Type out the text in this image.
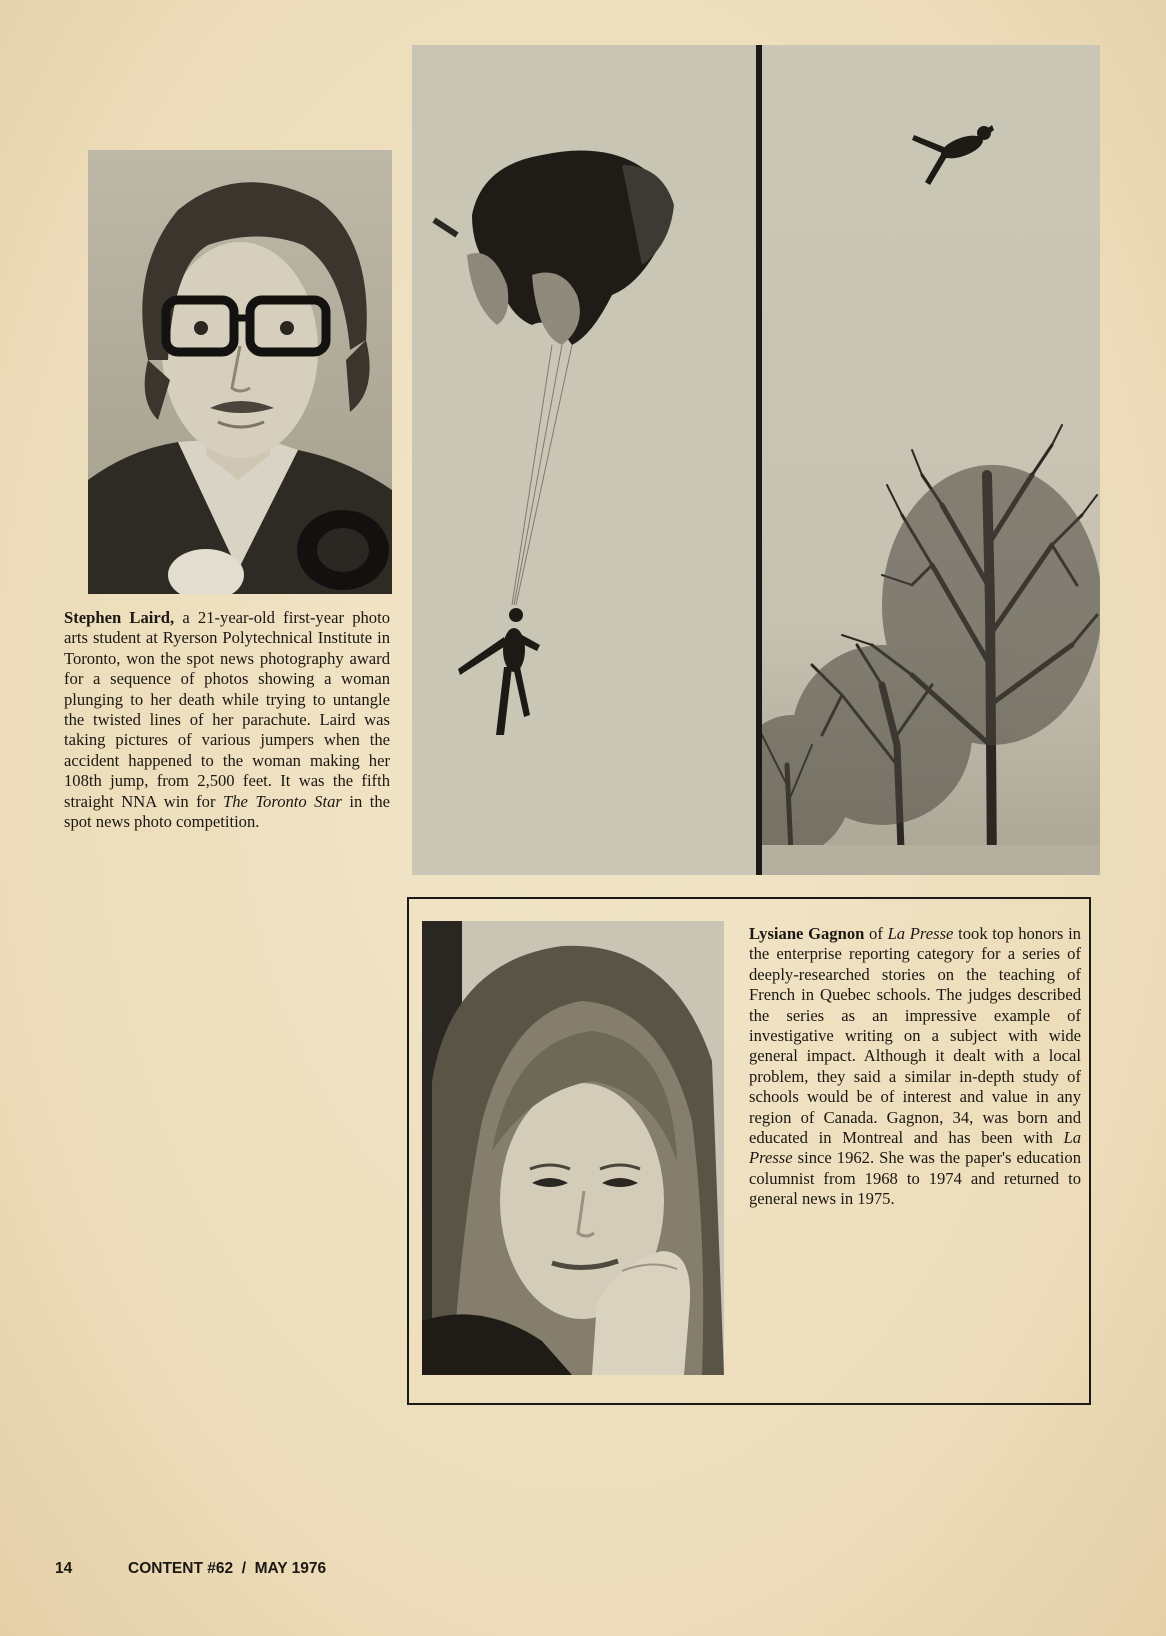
Stephen Laird, a 21-year-old first-year photo arts student at Ryerson Polytechnical Institute in Toronto, won the spot news photography award for a sequence of photos showing a woman plunging to her death while trying to untangle the twisted lines of her parachute. Laird was taking pictures of various jumpers when the accident happened to the woman making her 108th jump, from 2,500 feet. It was the fifth straight NNA win for The Toronto Star in the spot news photo competition.
Lysiane Gagnon of La Presse took top honors in the enterprise reporting category for a series of deeply-researched stories on the teaching of French in Quebec schools. The judges described the series as an impressive example of investigative writing on a subject with wide general impact. Although it dealt with a local problem, they said a similar in-depth study of schools would be of interest and value in any region of Canada. Gagnon, 34, was born and educated in Montreal and has been with La Presse since 1962. She was the paper's education columnist from 1968 to 1974 and returned to general news in 1975.
14	CONTENT #62  /  MAY 1976
